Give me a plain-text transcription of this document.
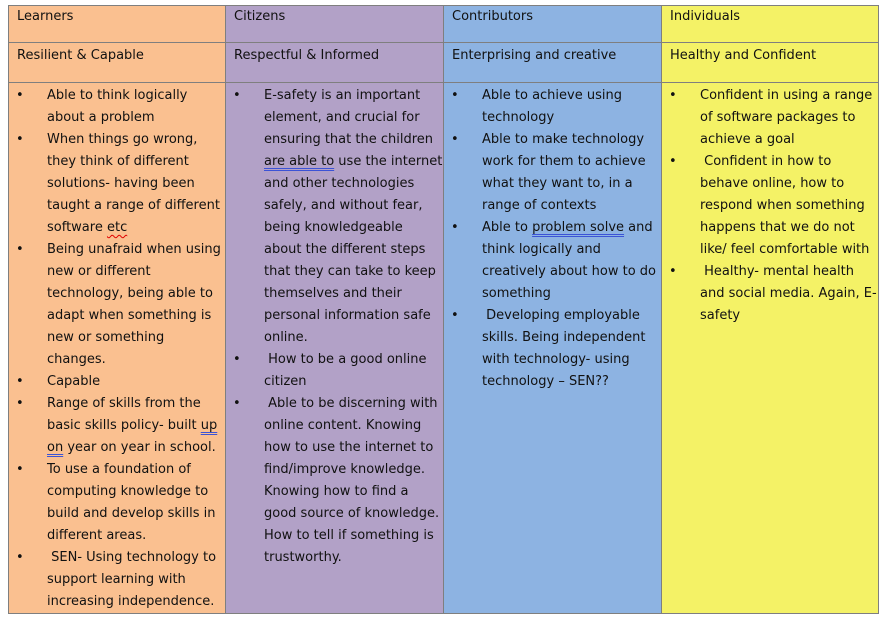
Learners
Resilient & Capable
• Able to think logically
about a problem
• When things go wrong,
they think of different
solutions- having been
taught a range of different
software etc
• Being unafraid when using
new or different
technology, being able to
adapt when something is
new or something
changes.
• Capable
• Range of skills from the
basic skills policy- built up
on year on year in school.
• To use a foundation of
computing knowledge to
build and develop skills in
different areas.
• SEN- Using technology to
support learning with
increasing independence.
Citizens
Respectful & Informed
• E-safety is an important
element, and crucial for
ensuring that the children
are able to use the internet
and other technologies
safely, and without fear,
being knowledgeable
about the different steps
that they can take to keep
themselves and their
personal information safe
online.
• How to be a good online
citizen
• Able to be discerning with
online content. Knowing
how to use the internet to
find/improve knowledge.
Knowing how to find a
good source of knowledge.
How to tell if something is
trustworthy.
Contributors
Enterprising and creative
• Able to achieve using
technology
• Able to make technology
work for them to achieve
what they want to, in a
range of contexts
• Able to problem solve and
think logically and
creatively about how to do
something
• Developing employable
skills. Being independent
with technology- using
technology – SEN??
Individuals
Healthy and Confident
• Confident in using a range
of software packages to
achieve a goal
• Confident in how to
behave online, how to
respond when something
happens that we do not
like/ feel comfortable with
• Healthy- mental health
and social media. Again, E-
safety
